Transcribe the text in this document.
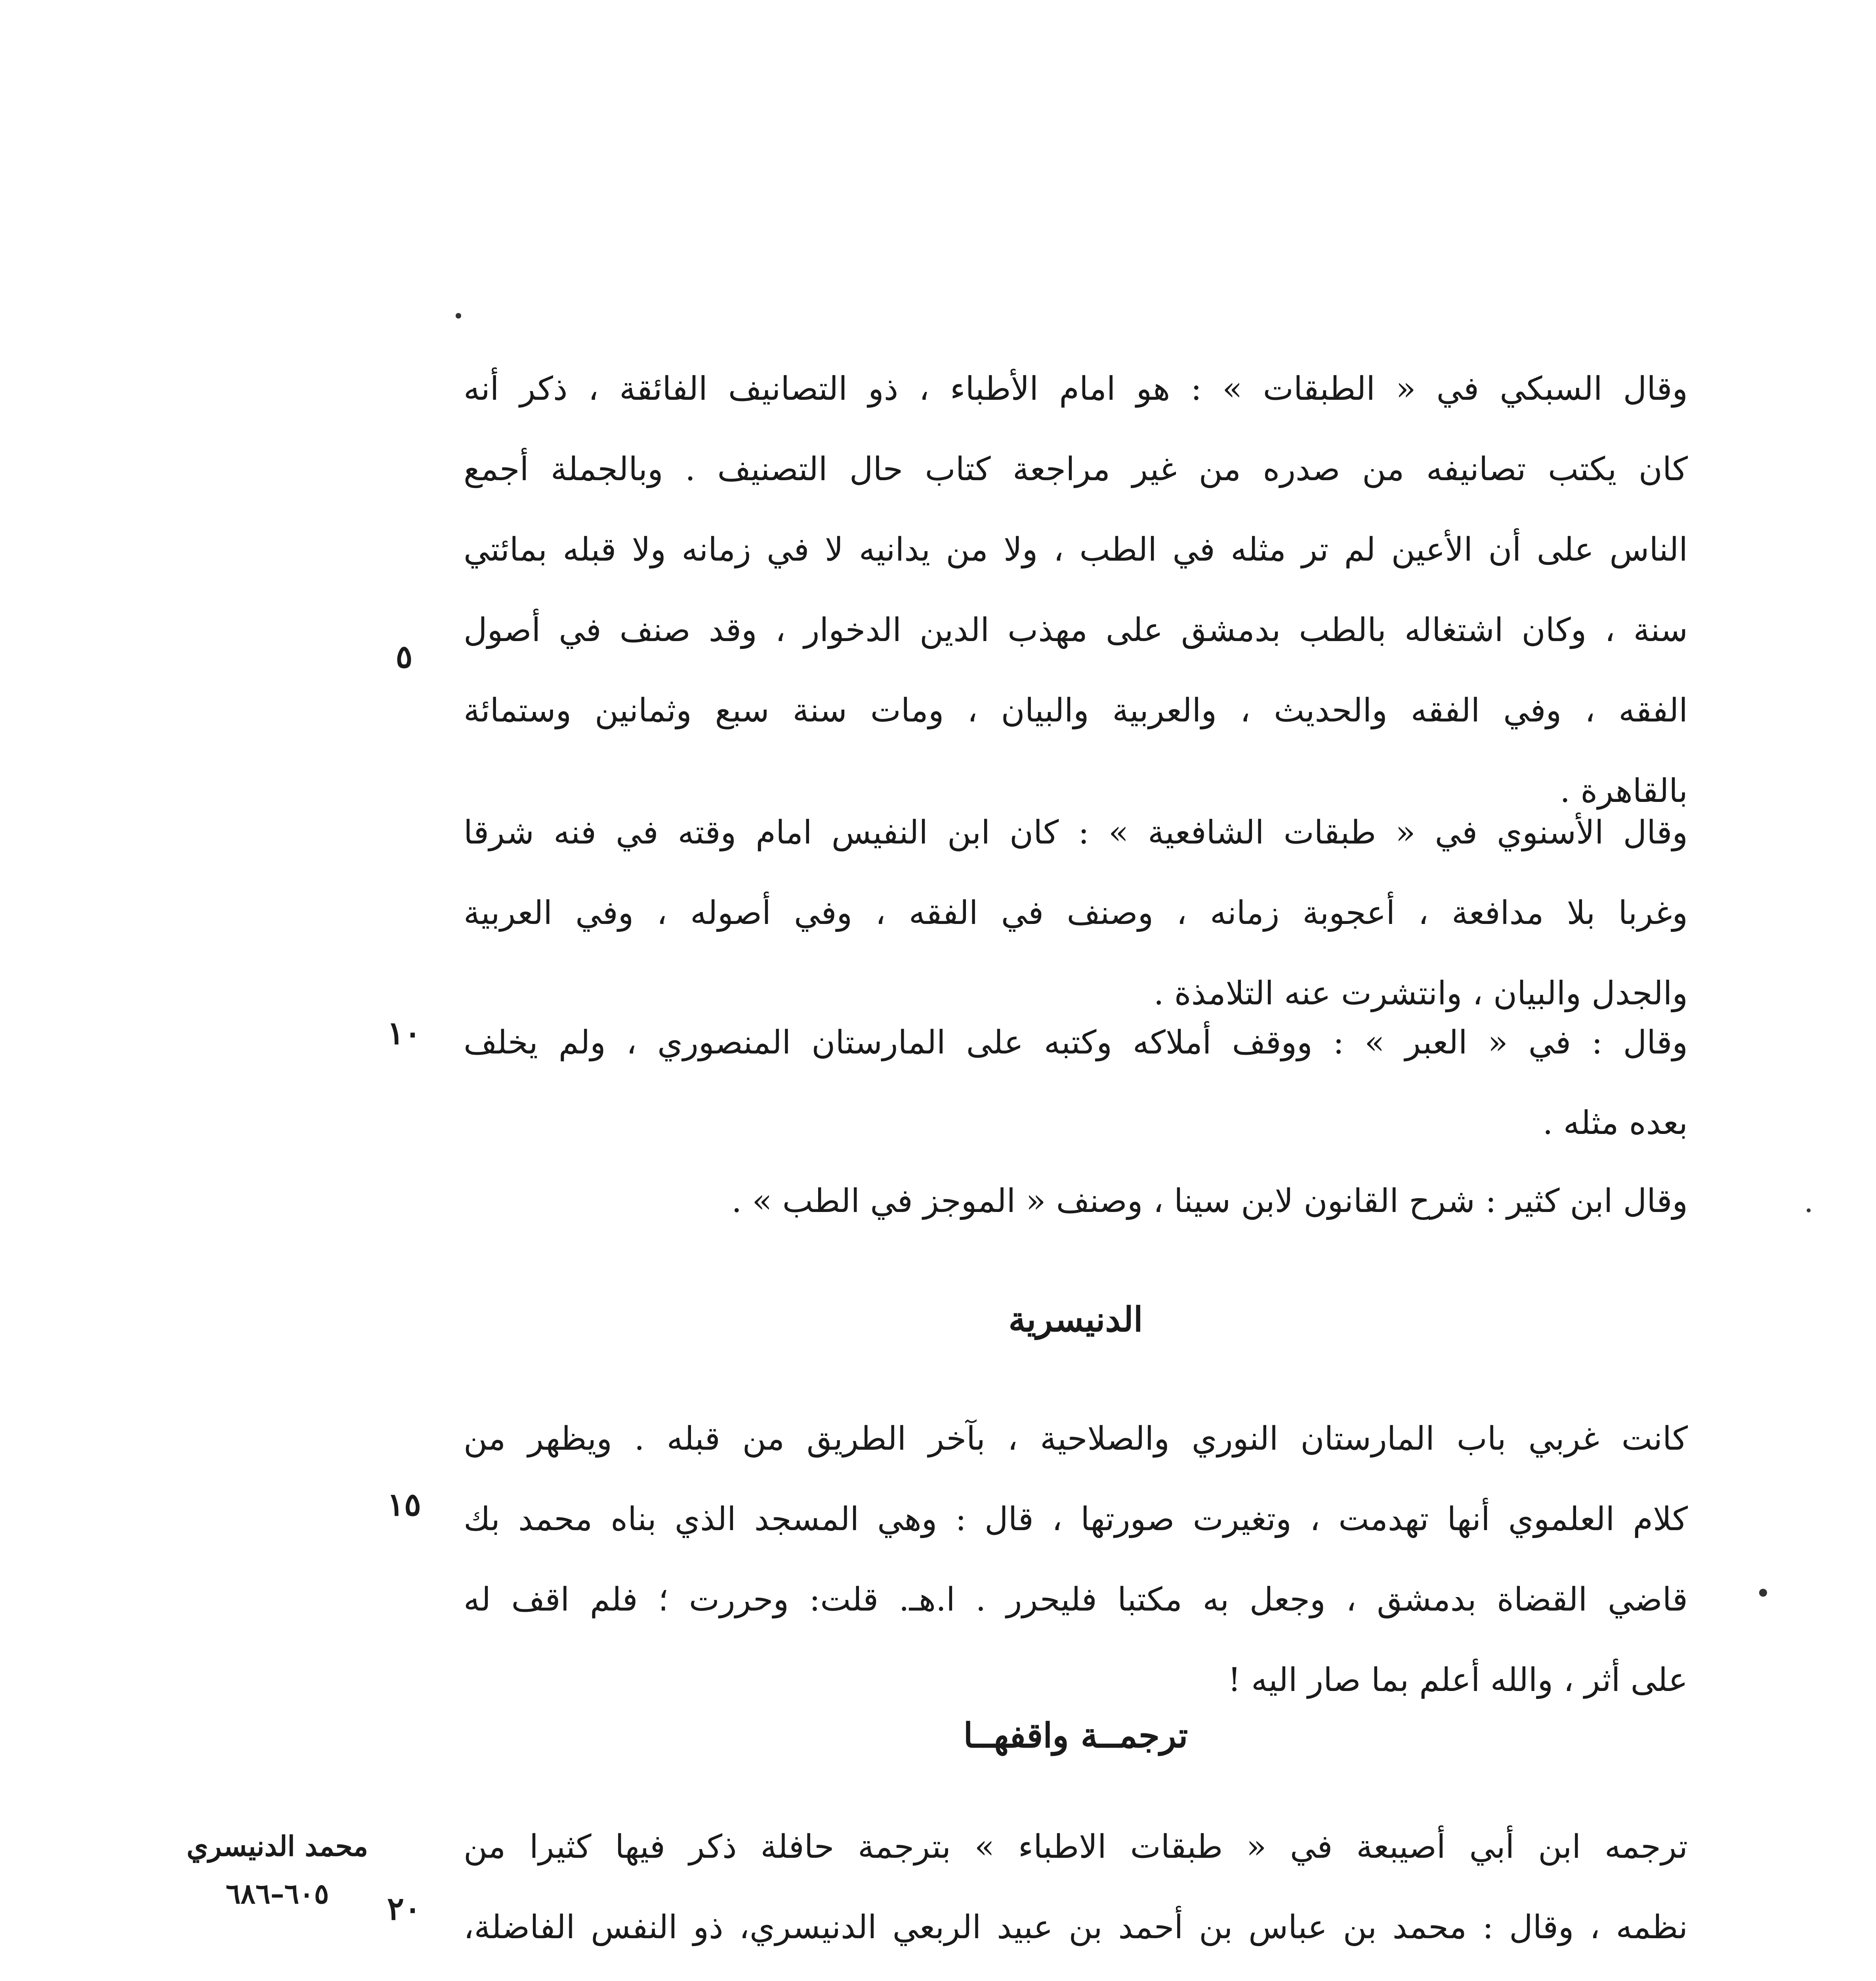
وقال السبكي في « الطبقات » : هو امام الأطباء ، ذو التصانيف الفائقة ، ذكر أنه
كان يكتب تصانيفه من صدره من غير مراجعة كتاب حال التصنيف . وبالجملة أجمع
الناس على أن الأعين لم تر مثله في الطب ، ولا من يدانيه لا في زمانه ولا قبله بمائتي
سنة ، وكان اشتغاله بالطب بدمشق على مهذب الدين الدخوار ، وقد صنف في أصول
الفقه ، وفي الفقه والحديث ، والعربية والبيان ، ومات سنة سبع وثمانين وستمائة
بالقاهرة .
وقال الأسنوي في « طبقات الشافعية » : كان ابن النفيس امام وقته في فنه شرقا
وغربا بلا مدافعة ، أعجوبة زمانه ، وصنف في الفقه ، وفي أصوله ، وفي العربية
والجدل والبيان ، وانتشرت عنه التلامذة .
وقال : في « العبر » : ووقف أملاكه وكتبه على المارستان المنصوري ، ولم يخلف
بعده مثله .
وقال ابن كثير : شرح القانون لابن سينا ، وصنف « الموجز في الطب » .
الدنيسرية
كانت غربي باب المارستان النوري والصلاحية ، بآخر الطريق من قبله . ويظهر من
كلام العلموي أنها تهدمت ، وتغيرت صورتها ، قال : وهي المسجد الذي بناه محمد بك
قاضي القضاة بدمشق ، وجعل به مكتبا فليحرر . ا.هـ. قلت: وحررت ؛ فلم اقف له
على أثر ، والله أعلم بما صار اليه !
ترجمــة واقفهــا
ترجمه ابن أبي أصيبعة في « طبقات الاطباء » بترجمة حافلة ذكر فيها كثيرا من
نظمه ، وقال : محمد بن عباس بن أحمد بن عبيد الربعي الدنيسري، ذو النفس الفاضلة،
٥
١٠
١٥
٢٠
محمد الدنيسري
٦٠٥–٦٨٦
